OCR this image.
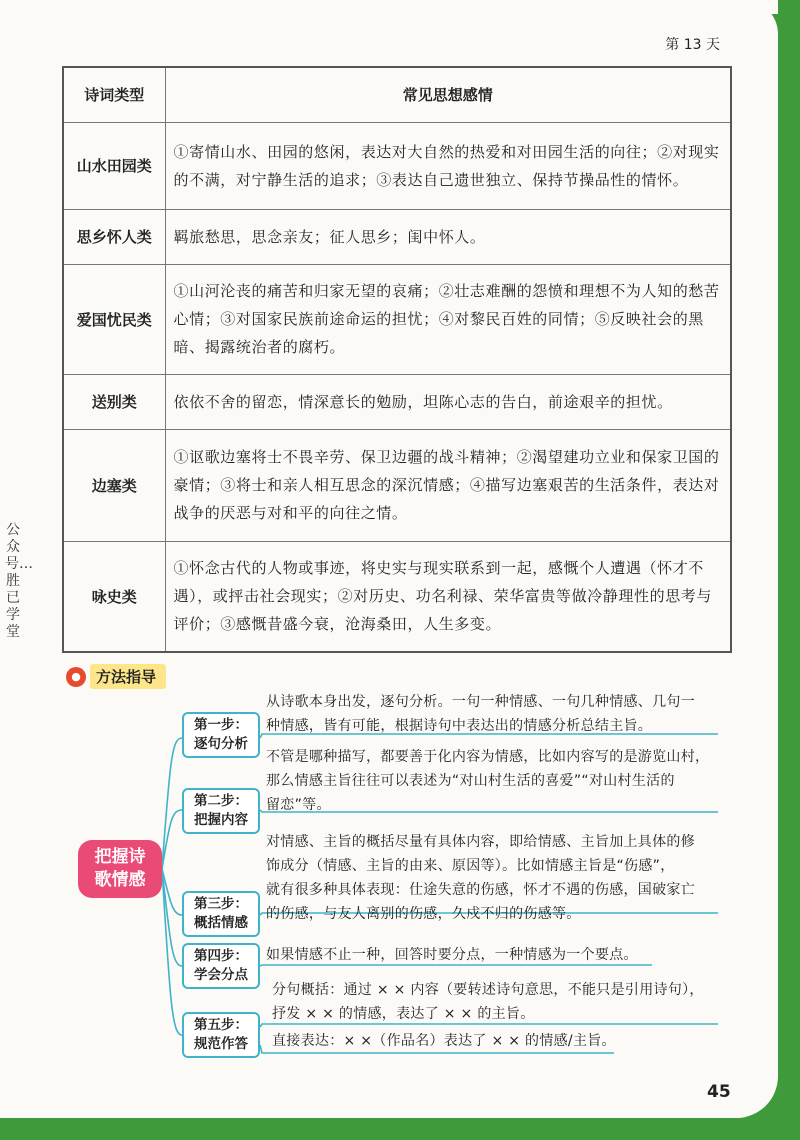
第 13 天
诗词类型	常见思想感情
山水田园类	①寄情山水、田园的悠闲，表达对大自然的热爱和对田园生活的向往；②对现实的不满，对宁静生活的追求；③表达自己遗世独立、保持节操品性的情怀。
思乡怀人类	羁旅愁思，思念亲友；征人思乡；闺中怀人。
爱国忧民类	①山河沦丧的痛苦和归家无望的哀痛；②壮志难酬的怨愤和理想不为人知的愁苦心情；③对国家民族前途命运的担忧；④对黎民百姓的同情；⑤反映社会的黑暗、揭露统治者的腐朽。
送别类	依依不舍的留恋，情深意长的勉励，坦陈心志的告白，前途艰辛的担忧。
边塞类	①讴歌边塞将士不畏辛劳、保卫边疆的战斗精神；②渴望建功立业和保家卫国的豪情；③将士和亲人相互思念的深沉情感；④描写边塞艰苦的生活条件，表达对战争的厌恶与对和平的向往之情。
咏史类	①怀念古代的人物或事迹，将史实与现实联系到一起，感慨个人遭遇（怀才不遇），或抨击社会现实；②对历史、功名利禄、荣华富贵等做冷静理性的思考与评价；③感慨昔盛今衰，沧海桑田，人生多变。
公众号…胜已学堂
●	方法指导
把握诗
歌情感
第一步：
逐句分析
从诗歌本身出发，逐句分析。一句一种情感、一句几种情感、几句一
种情感，皆有可能，根据诗句中表达出的情感分析总结主旨。
第二步：
把握内容
不管是哪种描写，都要善于化内容为情感，比如内容写的是游览山村，
那么情感主旨往往可以表述为“对山村生活的喜爱”“对山村生活的
留恋”等。
第三步：
概括情感
对情感、主旨的概括尽量有具体内容，即给情感、主旨加上具体的修
饰成分（情感、主旨的由来、原因等）。比如情感主旨是“伤感”，
就有很多种具体表现：仕途失意的伤感，怀才不遇的伤感，国破家亡
的伤感，与友人离别的伤感，久戍不归的伤感等。
第四步：
学会分点
如果情感不止一种，回答时要分点，一种情感为一个要点。
第五步：
规范作答
分句概括：通过 × × 内容（要转述诗句意思，不能只是引用诗句），
抒发 × × 的情感，表达了 × × 的主旨。
直接表达：× ×（作品名）表达了 × × 的情感/主旨。
45
